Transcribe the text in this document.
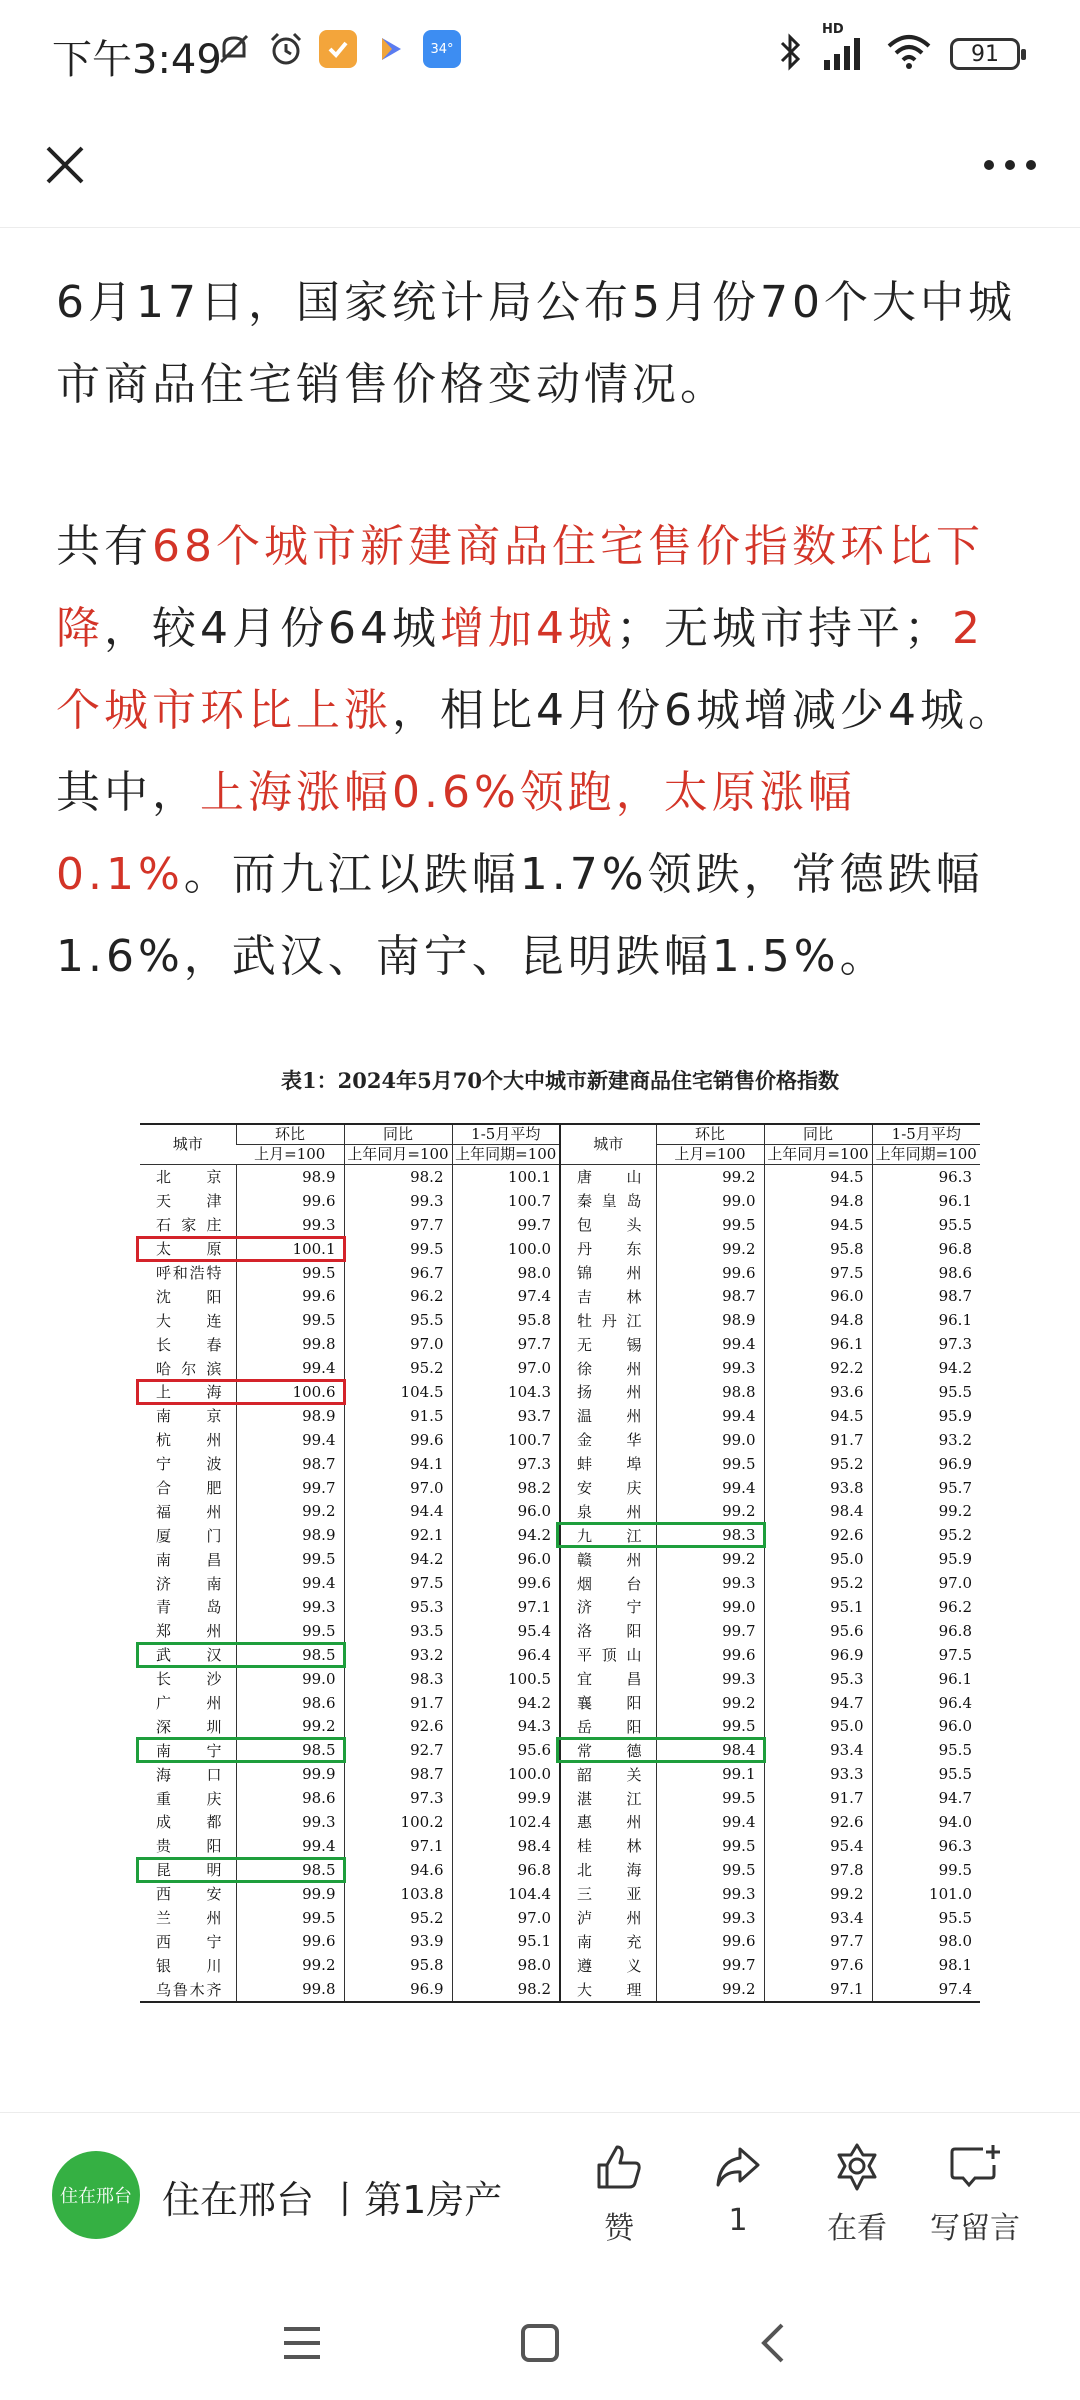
下午3:49	34°
HD
91

6月17日，国家统计局公布5月份70个大中城市商品住宅销售价格变动情况。

共有68个城市新建商品住宅售价指数环比下降，较4月份64城增加4城；无城市持平；2个城市环比上涨，相比4月份6城增减少4城。其中，上海涨幅0.6%领跑，太原涨幅0.1%。而九江以跌幅1.7%领跌，常德跌幅1.6%，武汉、南宁、昆明跌幅1.5%。

表1：2024年5月70个大中城市新建商品住宅销售价格指数
城市	环比	同比	1-5月平均	城市	环比	同比	1-5月平均
	上月=100	上年同月=100	上年同期=100		上月=100	上年同月=100	上年同期=100
北京	98.9	98.2	100.1	唐山	99.2	94.5	96.3
天津	99.6	99.3	100.7	秦皇岛	99.0	94.8	96.1
石家庄	99.3	97.7	99.7	包头	99.5	94.5	95.5
太原	100.1	99.5	100.0	丹东	99.2	95.8	96.8
呼和浩特	99.5	96.7	98.0	锦州	99.6	97.5	98.6
沈阳	99.6	96.2	97.4	吉林	98.7	96.0	98.7
大连	99.5	95.5	95.8	牡丹江	98.9	94.8	96.1
长春	99.8	97.0	97.7	无锡	99.4	96.1	97.3
哈尔滨	99.4	95.2	97.0	徐州	99.3	92.2	94.2
上海	100.6	104.5	104.3	扬州	98.8	93.6	95.5
南京	98.9	91.5	93.7	温州	99.4	94.5	95.9
杭州	99.4	99.6	100.7	金华	99.0	91.7	93.2
宁波	98.7	94.1	97.3	蚌埠	99.5	95.2	96.9
合肥	99.7	97.0	98.2	安庆	99.4	93.8	95.7
福州	99.2	94.4	96.0	泉州	99.2	98.4	99.2
厦门	98.9	92.1	94.2	九江	98.3	92.6	95.2
南昌	99.5	94.2	96.0	赣州	99.2	95.0	95.9
济南	99.4	97.5	99.6	烟台	99.3	95.2	97.0
青岛	99.3	95.3	97.1	济宁	99.0	95.1	96.2
郑州	99.5	93.5	95.4	洛阳	99.7	95.6	96.8
武汉	98.5	93.2	96.4	平顶山	99.6	96.9	97.5
长沙	99.0	98.3	100.5	宜昌	99.3	95.3	96.1
广州	98.6	91.7	94.2	襄阳	99.2	94.7	96.4
深圳	99.2	92.6	94.3	岳阳	99.5	95.0	96.0
南宁	98.5	92.7	95.6	常德	98.4	93.4	95.5
海口	99.9	98.7	100.0	韶关	99.1	93.3	95.5
重庆	98.6	97.3	99.9	湛江	99.5	91.7	94.7
成都	99.3	100.2	102.4	惠州	99.4	92.6	94.0
贵阳	99.4	97.1	98.4	桂林	99.5	95.4	96.3
昆明	98.5	94.6	96.8	北海	99.5	97.8	99.5
西安	99.9	103.8	104.4	三亚	99.3	99.2	101.0
兰州	99.5	95.2	97.0	泸州	99.3	93.4	95.5
西宁	99.6	93.9	95.1	南充	99.6	97.7	98.0
银川	99.2	95.8	98.0	遵义	99.7	97.6	98.1
乌鲁木齐	99.8	96.9	98.2	大理	99.2	97.1	97.4
住在邢台 住在邢台 丨第1房产
赞	1	在看	写留言
